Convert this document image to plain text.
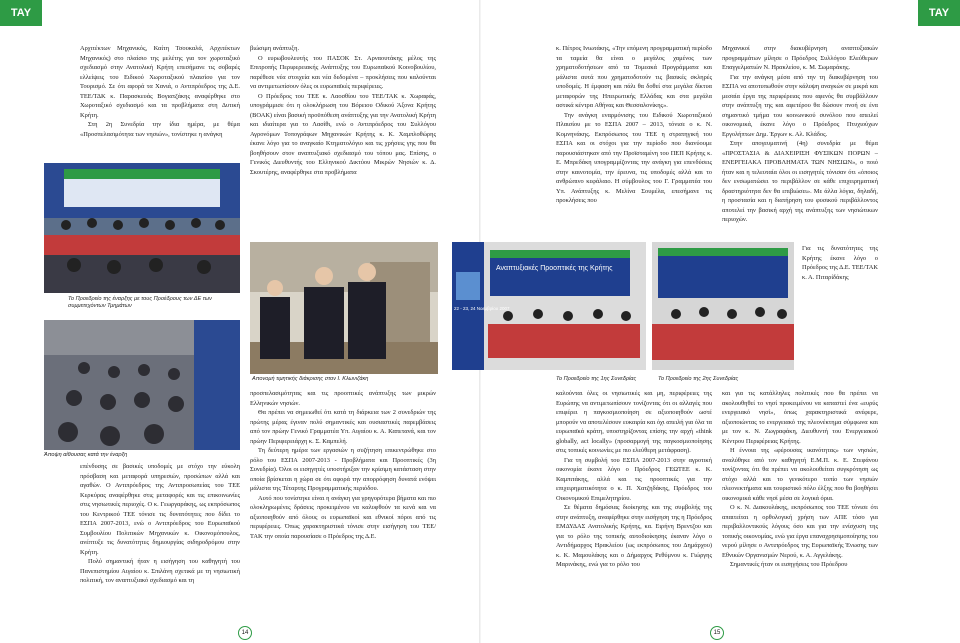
ΤΑΥ	ΤΑΥ

Αρχιτέκτων Μηχανικός, Καίτη Τσουκαλά, Αρχιτέκτων Μηχανικός) στο πλαίσιο της μελέτης για τον χωροταξικό σχεδιασμό στην Ανατολική Κρήτη επεσήμανε τις σοβαρές ελλείψεις του Ειδικού Χωροταξικού πλαισίου για τον Τουρισμό. Σε ότι αφορά τα Χανιά, ο Αντιπρόεδρος της Δ.Ε. ΤΕΕ/ΤΔΚ κ. Παρασκευάς Βογιατζάκης αναφέρθηκε στο Χωροταξικό σχεδιασμό και τα προβλήματα στη Δυτική Κρήτη.

Στη 2η Συνεδρία την ίδια ημέρα, με θέμα «Προσπελασιμότητα των νησιών», τονίστηκε η ανάγκη

Το Προεδρείο της έναρξης με τους Προέδρους των ΔΕ των συμμετεχόντων Τμημάτων
Άποψη αίθουσας κατά την έναρξη

επένδυσης σε βασικές υποδομές με στόχο την εύκολη πρόσβαση και μεταφορά υπηρεσιών, προσώπων αλλά και αγαθών. Ο Αντιπρόεδρος της Αντιπροσωπείας του ΤΕΕ Κερκύρας αναφέρθηκε στις μεταφορές και τις επικοινωνίες στις νησιωτικές περιοχές. Ο κ. Γεωργαράκης, ως εκπρόσωπος του Κεντρικού ΤΕΕ τόνισε τις δυνατότητες που δίδει το ΕΣΠΑ 2007-2013, ενώ ο Αντιπρόεδρος του Ευρωπαϊκού Συμβουλίου Πολιτικών Μηχανικών κ. Οικονομόπουλος, ανέπτυξε τις δυνατότητες δημιουργίας σιδηροδρόμου στην Κρήτη.

Πολύ σημαντική ήταν η εισήγηση του καθηγητή του Πανεπιστημίου Αιγαίου κ. Σπιλάνη σχετικά με τη νησιωτική πολιτική, τον αναπτυξιακό σχεδιασμό και τη

βιώσιμη ανάπτυξη.

Ο ευρωβουλευτής του ΠΑΣΟΚ Στ. Αρναουτάκης μέλος της Επιτροπής Περιφερειακής Ανάπτυξης του Ευρωπαϊκού Κοινοβουλίου, παρέθεσε νέα στοιχεία και νέα δεδομένα – προκλήσεις που καλούνται να αντιμετωπίσουν όλες οι ευρωπαϊκές περιφέρειες.

Ο Πρόεδρος του ΤΕΕ κ. Λαοσθίου του ΤΕΕ/ΤΑΚ κ. Χωραφάς, υπογράμμισε ότι η ολοκλήρωση του Βόρειου Οδικού Άξονα Κρήτης (ΒΟΑΚ) είναι βασική προϋπόθεση ανάπτυξης για την Ανατολική Κρήτη και ιδιαίτερα για το Λασίθι, ενώ ο Αντιπρόεδρος του Συλλόγου Αγρονόμων Τοπογράφων Μηχανικών Κρήτης κ. Κ. Χαμπλοθώρης έκανε λόγο για το αναγκαίο Κτηματολόγιο και τις χρήσεις γης που θα βοηθήσουν στον αναπτυξιακό σχεδιασμό του τόπου μας. Επίσης, ο Γενικός Διευθυντής του Ελληνικού Δικτύου Μικρών Νησιών κ. Δ. Σκουτέρης, αναφέρθηκε στα προβλήματα

Απονομή τιμητικής διάκρισης στον Ι. Κλωνιζάκη

προσπελασιμότητας και τις προοπτικές ανάπτυξης των μικρών Ελληνικών νησιών.

Θα πρέπει να σημειωθεί ότι κατά τη διάρκεια των 2 συνεδριών της πρώτης μέρας έγιναν πολύ σημαντικές και ουσιαστικές παρεμβάσεις από τον πρώην Γενικό Γραμματέα Υπ. Αιγαίου κ. Α. Καπετανά, και τον πρώην Περιφερειάρχη κ. Σ. Καμπελή.

Τη δεύτερη ημέρα των εργασιών η συζήτηση επικεντρώθηκε στο ρόλο του ΕΣΠΑ 2007-2013 - Προβλήματα και Προοπτικές (3η Συνεδρία). Όλοι οι εισηγητές υποστήριξαν την κρίσιμη κατάσταση στην οποία βρίσκεται η χώρα σε ότι αφορά την απορρόφηση δυνατά ενόψει μάλιστα της Τέταρτης Προγραμματικής περιόδου.

Αυτό που τονίστηκε είναι η ανάγκη για γρηγορότερα βήματα και πιο ολοκληρωμένες δράσεις προκειμένου να καλυφθούν τα κενά και να αξιοποιηθούν από όλους οι ευρωπαϊκοί και εθνικοί πόροι από τις περιφέρειες. Όπως χαρακτηριστικά τόνισε στην εισήγηση του ΤΕΕ/ΤΑΚ την οποία παρουσίασε ο Πρόεδρος της Δ.Ε.

14

κ. Πέτρος Ινιωτάκης, «Την επόμενη προγραμματική περίοδο τα ταμεία θα είναι ο μεγάλος χαμένος των χρηματοδοτήσεων από τα Τομεακά Προγράμματα και μάλιστα αυτά που χρηματοδοτούν τις βασικές σκληρές υποδομές. Η έμφαση και πάλι θα δοθεί στα μεγάλα δίκτυα μεταφορών της Ηπειρωτικής Ελλάδας και στα μεγάλα αστικά κέντρα Αθήνας και Θεσσαλονίκης».

Την ανάγκη εναρμόνισης του Ειδικού Χωροταξικού Πλαισίου με το ΕΣΠΑ 2007 – 2013, τόνισε ο κ. Ν. Κομνηνάκης. Εκπρόσωπος του ΤΕΕ η στρατηγική του ΕΣΠΑ και οι στόχοι για την περίοδο που διανύουμε παρουσιάστηκαν από την Προϊσταμένη του ΠΕΠ Κρήτης κ. Ε. Μπρεδάκη υπογραμμίζοντας την ανάγκη για επενδύσεις στην καινοτομία, την έρευνα, τις υποδομές αλλά και το ανθρώπινο κεφάλαιο. Η σύμβουλος του Γ. Γραμματέα του Υπ. Ανάπτυξης κ. Μελίνα Σουμέλα, επεσήμανε τις προκλήσεις που

Μηχανικοί στην διακυβέρνηση αναπτυξιακών προγραμμάτων μίλησε ο Πρόεδρος Συλλόγου Ελεύθερων Επαγγελματιών Ν. Ηρακλείου, κ. Μ. Σωμαράκης.

Για την ανάγκη μέσα από την τη διακυβέρνηση του ΕΣΠΑ να αποτυπωθούν στην κάλυψη αναγκών σε μικρά και μεσαία έργα της περιφέρειας που αφενός θα συμβάλλουν στην ανάπτυξη της και αφετέρου θα δώσουν πνοή σε ένα σημαντικό τμήμα του κοινωνικού συνόλου που απειλεί οικονομικά, έκανε λόγο ο Πρόεδρος Πτυχιούχων Εργολήπτων Δημ. Έργων κ. Αλ. Κλάδος.

Στην απογευματινή (4η) συνεδρία με θέμα «ΠΡΟΣΤΑΣΙΑ & ΔΙΑΧΕΙΡΙΣΗ ΦΥΣΙΚΩΝ ΠΟΡΩΝ – ΕΝΕΡΓΕΙΑΚΑ ΠΡΟΒΛΗΜΑΤΑ ΤΩΝ ΝΗΣΙΩΝ», ο ποιό ήταν και η τελευταία όλοι οι εισηγητές τόνισαν ότι «όποιος δεν ενσωματώσει το περιβάλλον σε κάθε επιχειρηματική δραστηριότητα δεν θα επιβιώσει». Με άλλα λόγια, δηλαδή, η προστασία και η διατήρηση του φυσικού περιβάλλοντος αποτελεί την βασική αρχή της ανάπτυξης των νησιώτικων περιοχών.

Για τις δυνατότητες της Κρήτης έκανε λόγο ο Πρόεδρος της Δ.Ε. ΤΕΕ/ΤΑΚ κ. Α. Πιταρίδάκης

Αναπτυξιακές Προοπτικές της Κρήτης
22 - 23, 24 Νοεμβρίου 2007
Το Προεδρείο της 1ης Συνεδρίας	Το Προεδρείο της 2ης Συνεδρίας

καλούνται όλες οι νησιωτικές και μη, περιφέρειες της Ευρώπης να αντιμετωπίσουν τονίζοντας ότι οι αλλαγές που επιφέρει η παγκοσμιοποίηση σε αξιοποιηθούν ωστέ μπορούν να αποτελέσουν ευκαιρία και όχι απειλή για όλα τα ευρωπαϊκά κράτη, υποστηρίζοντας επίσης την αρχή «think globally, act locally» (προσαρμογή της παγκοσμιοποίησης στις τοπικές κοινωνίες με πιο ελεύθερη μετάφραση).

Για τη συμβολή του ΕΣΠΑ 2007-2013 στην αγροτική οικονομία έκανε λόγο ο Πρόεδρος ΓΕΩΤΕΕ κ. Κ. Καμπιτάκης, αλλά και τις προοπτικές για την επιχειρηματικότητα ο κ. Π. Χατζηδάκης, Πρόεδρος του Οικονομικού Επιμελητηρίου.

Σε θέματα δημόσιας διοίκησης και της συμβολής της στην ανάπτυξη, αναφέρθηκε στην εισήγηση της η Πρόεδρος ΕΜΔΥΔΑΣ Ανατολικής Κρήτης, κα. Ειρήνη Βρεντζου και για το ρόλο της τοπικής αυτοδιοίκησης έκαναν λόγο ο Αντιδήμαρχος Ηρακλείου (ως εκπρόσωπος του Δημάρχου) κ. Κ. Μαμουλάκης και ο Δήμαρχος Ρεθύμνου κ. Γιώργης Μαρινάκης, ενώ για το ρόλο του

και για τις κατάλληλες πολιτικές που θα πρέπει να ακολουθηθεί το νησί προκειμένου να καταστεί ένα «ευρύς ενεργειακό νησί», όπως χαρακτηριστικά ανέφερε, αξιοποιώντας το ενεργειακό της πλεονέκτημα σύμφωνα και με τον κ. Ν. Ζωγραφάκη, Διευθυντή του Ενεργειακού Κέντρου Περιφέρειας Κρήτης.

Η έννοια της «φέρουσας ικανότητας» των νησιών, αναλύθηκε από τον καθηγητή Ε.Μ.Π. κ. Ε. Στεφάνου τονίζοντας ότι θα πρέπει να ακολουθείται συγκρότηση ως στόχο αλλά και το γενικότερο τοπίο των νησιών πλεονεκτήματα και τουριστικό πόλο έλξης που θα βοηθήσει οικονομικά κάθε νησί μέσα σε λογικά όρια.

Ο κ. Ν. Διακουλάκης, εκπρόσωπος του ΤΕΕ τόνισε ότι απαιτείται η ορθολογική χρήση των ΑΠΕ τόσο για περιβαλλοντικούς λόγους όσο και για την ενίσχυση της τοπικής οικονομίας, ενώ για έργα επαναχρησιμοποίησης του νερού μίλησε ο Αντιπρόεδρος της Ευρωπαϊκής Ένωσης των Εθνικών Οργανισμών Νερού, κ. Α. Αγγελάκης.

Σημαντικές ήταν οι εισηγήσεις του Πρόεδρου

15
